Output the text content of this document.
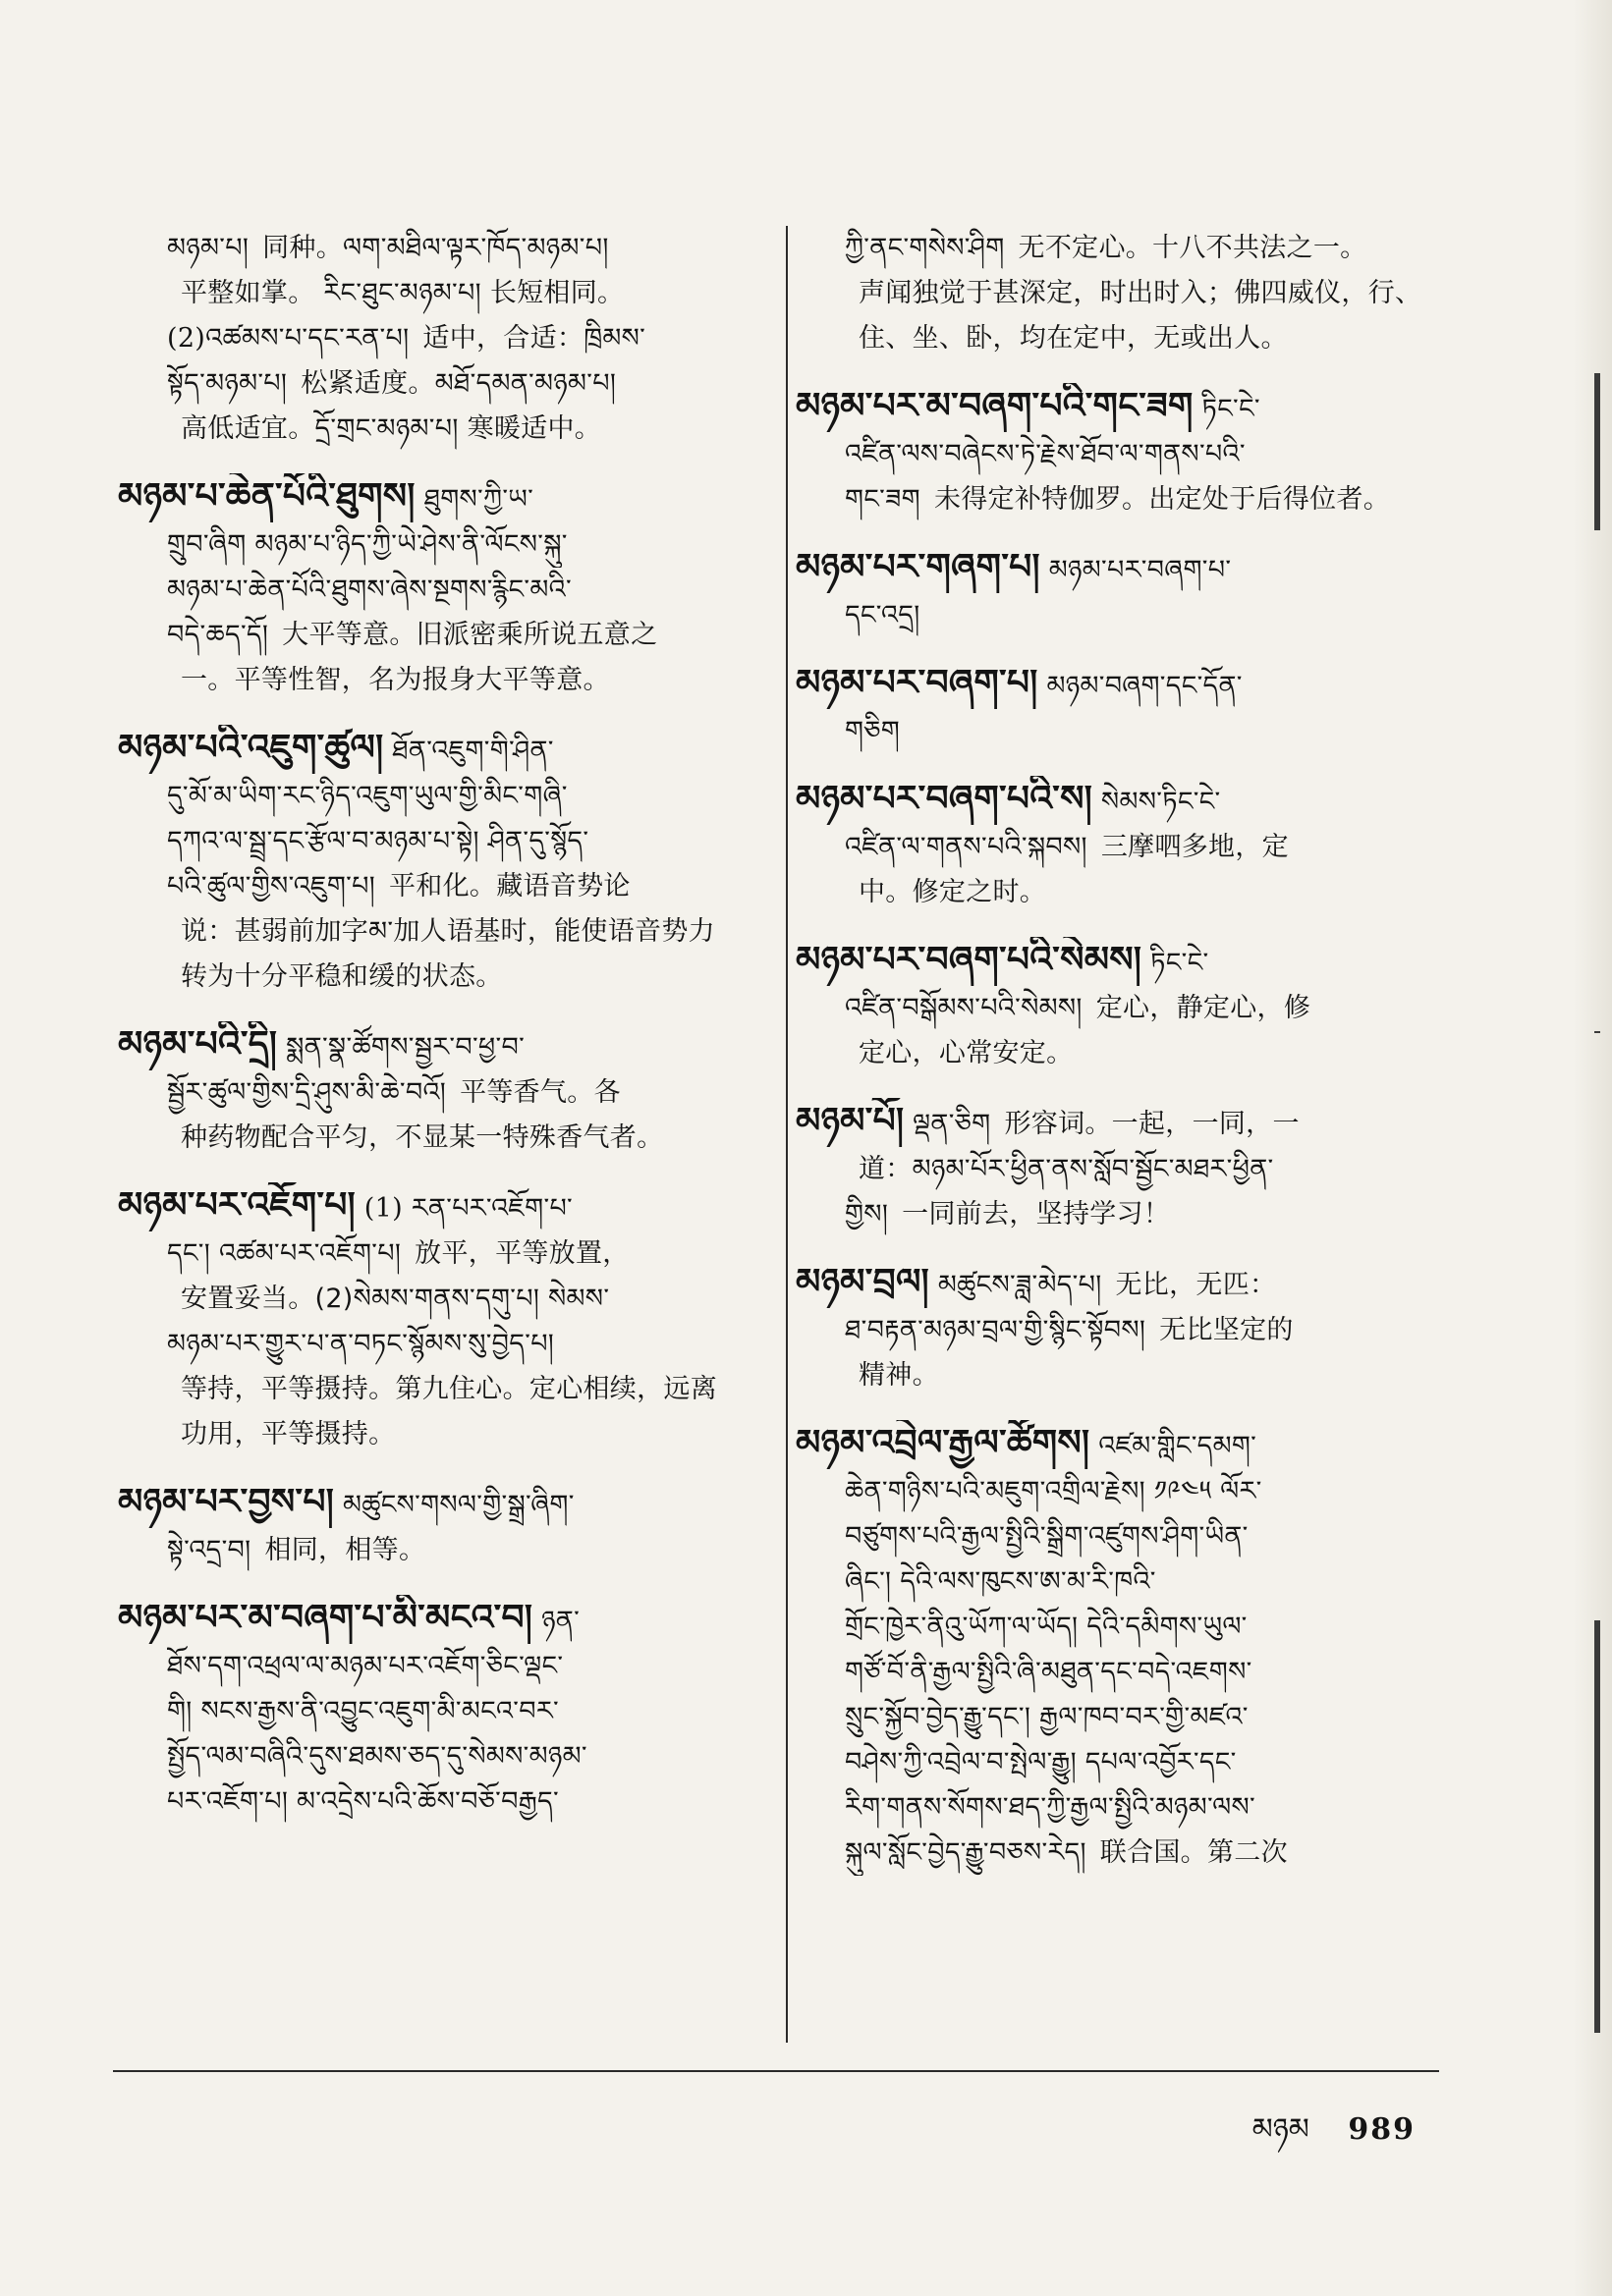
མཉམ་པ། 同种。ལག་མཐིལ་ལྟར་ཁོད་མཉམ་པ།
平整如掌。 རིང་ཐུང་མཉམ་པ། 长短相同。
(2)འཚམས་པ་དང་རན་པ། 适中，合适：ཁྲིམས་
སྟོད་མཉམ་པ། 松紧适度。མཐོ་དམན་མཉམ་པ།
高低适宜。དྲོ་གྲང་མཉམ་པ། 寒暖适中。
མཉམ་པ་ཆེན་པོའི་ཐུགས། ཐུགས་ཀྱི་ཡ་
གྲུབ་ཞིག མཉམ་པ་ཉིད་ཀྱི་ཡེ་ཤེས་ནི་ལོངས་སྐུ་
མཉམ་པ་ཆེན་པོའི་ཐུགས་ཞེས་སྔགས་རྙིང་མའི་
བདེ་ཆད་དོ། 大平等意。旧派密乘所说五意之
一。平等性智，名为报身大平等意。
མཉམ་པའི་འཇུག་ཚུལ། ཐོན་འཇུག་གི་ཤིན་
དུ་མོ་མ་ཡིག་རང་ཉིད་འཇུག་ཡུལ་གྱི་མིང་གཞི་
དཀའ་ལ་སྦྲ་དང་རྩོལ་བ་མཉམ་པ་སྟེ། ཤིན་དུ་སྙོད་
པའི་ཚུལ་གྱིས་འཇུག་པ། 平和化。藏语音势论
说：甚弱前加字མ་加人语基时，能使语音势力
转为十分平稳和缓的状态。
མཉམ་པའི་དྲི། སྨན་སྣ་ཚོགས་སྦྱར་བ་ཕྱ་བ་
སྦྱོར་ཚུལ་གྱིས་དྲི་ཤུས་མི་ཆེ་བའོ། 平等香气。各
种药物配合平匀，不显某一特殊香气者。
མཉམ་པར་འཇོག་པ། (1) རན་པར་འཇོག་པ་
དང་། འཚམ་པར་འཇོག་པ། 放平，平等放置，
安置妥当。(2)སེམས་གནས་དགུ་པ། སེམས་
མཉམ་པར་གྱུར་པ་ན་བཏང་སྙོམས་སུ་བྱེད་པ།
等持，平等摄持。第九住心。定心相续，远离
功用，平等摄持。
མཉམ་པར་བྱས་པ། མཚུངས་གསལ་གྱི་སྒྲ་ཞིག་
སྟེ་འདྲ་བ། 相同，相等。
མཉམ་པར་མ་བཞག་པ་མི་མངའ་བ། ཉན་
ཐོས་དག་འཕྲལ་ལ་མཉམ་པར་འཇོག་ཅིང་ལྡང་
གི། སངས་རྒྱས་ནི་འབྱུང་འཇུག་མི་མངའ་བར་
སྤྱོད་ལམ་བཞིའི་དུས་ཐམས་ཅད་དུ་སེམས་མཉམ་
པར་འཇོག་པ། མ་འདྲེས་པའི་ཆོས་བཅོ་བརྒྱད་
ཀྱི་ནང་གསེས་ཤིག 无不定心。十八不共法之一。
声闻独觉于甚深定，时出时入；佛四威仪，行、
住、坐、卧，均在定中，无或出人。
མཉམ་པར་མ་བཞག་པའི་གང་ཟག ཏིང་ངེ་
འཛིན་ལས་བཞེངས་ཏེ་རྗེས་ཐོབ་ལ་གནས་པའི་
གང་ཟག 未得定补特伽罗。出定处于后得位者。
མཉམ་པར་གཞག་པ། མཉམ་པར་བཞག་པ་
དང་འདྲ།
མཉམ་པར་བཞག་པ། མཉམ་བཞག་དང་དོན་
གཅིག
མཉམ་པར་བཞག་པའི་ས། སེམས་ཏིང་ངེ་
འཛིན་ལ་གནས་པའི་སྐབས། 三摩呬多地，定
中。修定之时。
མཉམ་པར་བཞག་པའི་སེམས། ཏིང་ངེ་
འཛིན་བསྒོམས་པའི་སེམས། 定心，静定心，修
定心，心常安定。
མཉམ་པོ། ལྡན་ཅིག 形容词。一起，一同，一
道：མཉམ་པོར་ཕྱིན་ནས་སློབ་སྦྱོང་མཐར་ཕྱིན་
གྱིས། 一同前去，坚持学习！
མཉམ་བྲལ། མཚུངས་ཟླ་མེད་པ། 无比，无匹：
ཐ་བརྟན་མཉམ་བྲལ་གྱི་སྙིང་སྟོབས། 无比坚定的
精神。
མཉམ་འབྲེལ་རྒྱལ་ཚོགས། འཛམ་གླིང་དམག་
ཆེན་གཉིས་པའི་མཇུག་འགྲིལ་རྗེས། ༡༩༤༥ ལོར་
བཙུགས་པའི་རྒྱལ་སྤྱིའི་སྒྲིག་འཛུགས་ཤིག་ཡིན་
ཞིང་། དེའི་ལས་ཁུངས་ཨ་མ་རི་ཁའི་
གྲོང་ཁྱེར་ནིའུ་ཡོཀ་ལ་ཡོད། དེའི་དམིགས་ཡུལ་
གཙོ་བོ་ནི་རྒྱལ་སྤྱིའི་ཞི་མཐུན་དང་བདེ་འཇགས་
སྲུང་སྐྱོབ་བྱེད་རྒྱུ་དང་། རྒྱལ་ཁབ་བར་གྱི་མཛའ་
བཤེས་ཀྱི་འབྲེལ་བ་སྤེལ་རྒྱུ། དཔལ་འབྱོར་དང་
རིག་གནས་སོགས་ཐད་ཀྱི་རྒྱལ་སྤྱིའི་མཉམ་ལས་
སྐུལ་སློང་བྱེད་རྒྱུ་བཅས་རེད། 联合国。第二次
མཉམ 989
